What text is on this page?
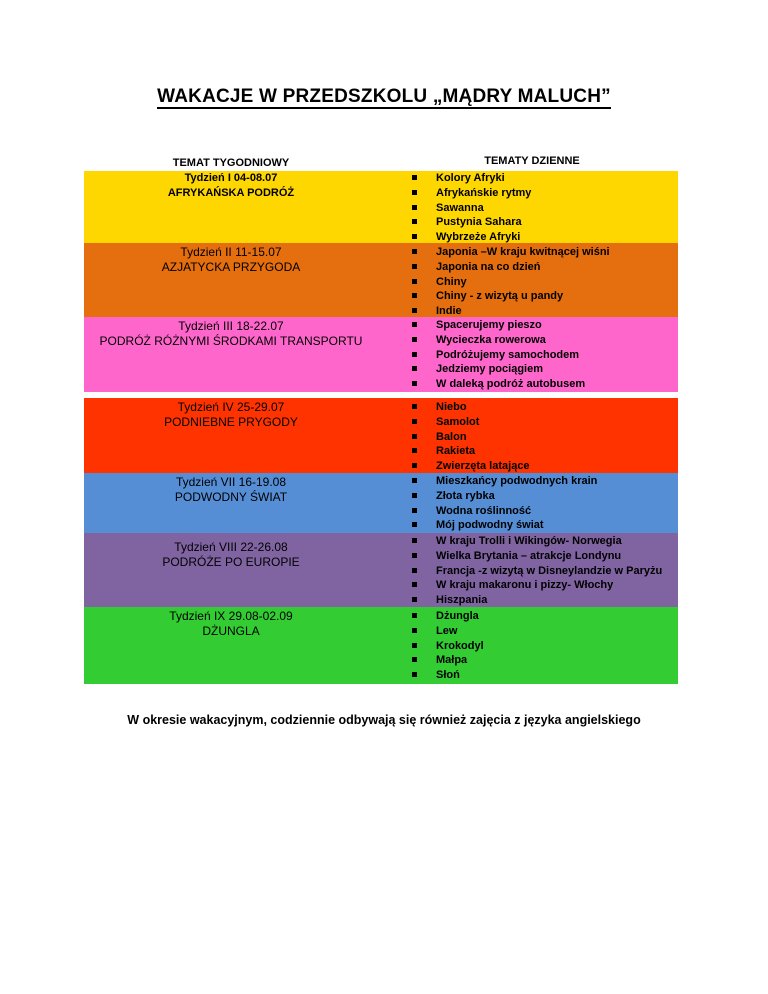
WAKACJE W PRZEDSZKOLU „MĄDRY MALUCH”
TEMAT TYGODNIOWY	TEMATY DZIENNE
Tydzień I 04-08.07
AFRYKAŃSKA PODRÓŻ
Kolory Afryki
Afrykańskie rytmy
Sawanna
Pustynia Sahara
Wybrzeże Afryki
Tydzień II 11-15.07
AZJATYCKA PRZYGODA
Japonia –W kraju kwitnącej wiśni
Japonia na co dzień
Chiny
Chiny - z wizytą u pandy
Indie
Tydzień III 18-22.07
PODRÓŻ RÓŻNYMI ŚRODKAMI TRANSPORTU
Spacerujemy pieszo
Wycieczka rowerowa
Podróżujemy samochodem
Jedziemy pociągiem
W daleką podróż autobusem
Tydzień IV 25-29.07
PODNIEBNE PRYGODY
Niebo
Samolot
Balon
Rakieta
Zwierzęta latające
Tydzień VII 16-19.08
PODWODNY ŚWIAT
Mieszkańcy podwodnych krain
Złota rybka
Wodna roślinność
Mój podwodny świat
Tydzień VIII 22-26.08
PODRÓŻE PO EUROPIE
W kraju Trolli i Wikingów- Norwegia
Wielka Brytania – atrakcje Londynu
Francja -z wizytą w Disneylandzie w Paryżu
W kraju makaronu i pizzy- Włochy
Hiszpania
Tydzień IX 29.08-02.09
DŻUNGLA
Dżungla
Lew
Krokodyl
Małpa
Słoń
W okresie wakacyjnym, codziennie odbywają się również zajęcia z języka angielskiego
